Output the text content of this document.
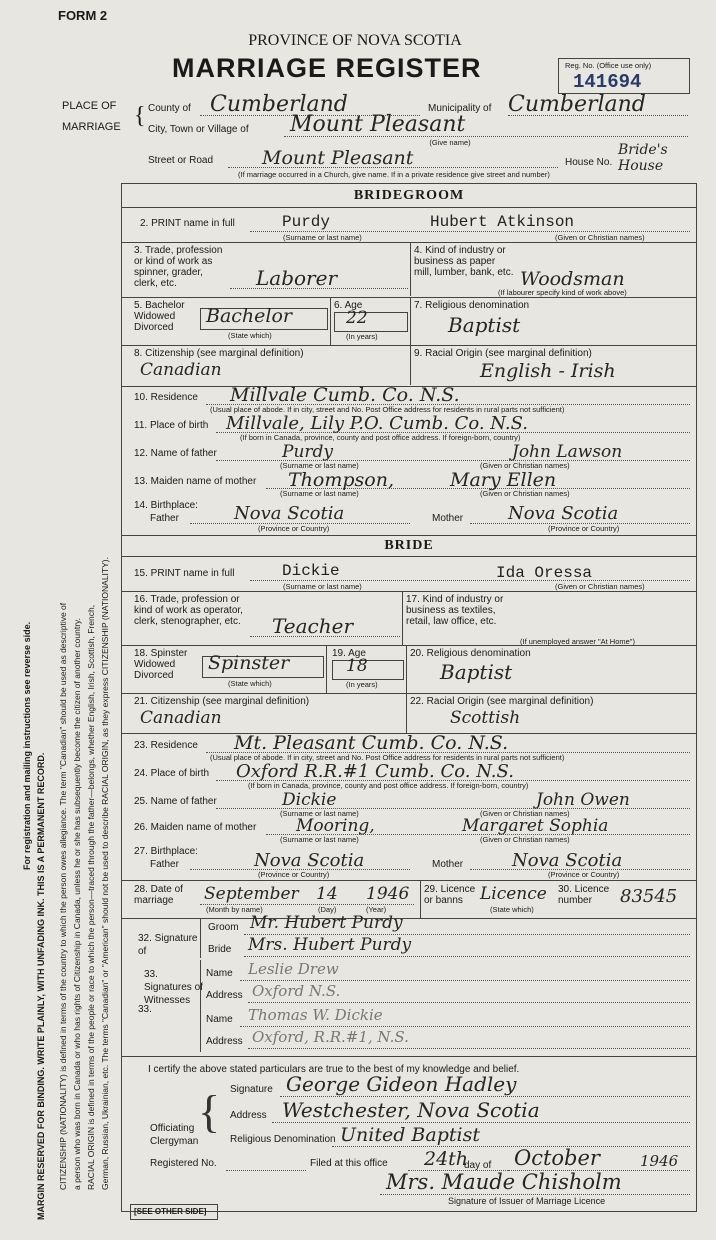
FORM 2
PROVINCE OF NOVA SCOTIA
MARRIAGE REGISTER	Reg. No. (Office use only)
141694
PLACE OF
MARRIAGE { County of Cumberland	Municipality of Cumberland
City, Town or Village of Mount Pleasant
(Give name)
Street or Road	Mount Pleasant	House No.
Bride's House
(If marriage occurred in a Church, give name. If in a private residence give street and number)
MARGIN RESERVED FOR BINDING. WRITE PLAINLY, WITH UNFADING INK. THIS IS A PERMANENT RECORD.
For registration and mailing instructions see reverse side.	CITIZENSHIP (NATIONALITY) is defined in terms of the country to which the person owes allegiance. The term "Canadian" should be used as descriptive of a person who was born in Canada or who has rights of Citizenship in Canada, unless he or she has subsequently become the citizen of another country. RACIAL ORIGIN is defined in terms of the people or race to which the person—traced through the father—belongs, whether English, Irish, Scottish, French, German, Russian, Ukrainian, etc. The terms "Canadian" or "American" should not be used to describe RACIAL ORIGIN, as they express CITIZENSHIP (NATIONALITY).
BRIDEGROOM
2. PRINT name in full	Purdy	Hubert Atkinson
(Surname or last name)	(Given or Christian names)
3. Trade, profession or kind of work as spinner, grader, clerk, etc.	Laborer
4. Kind of industry or business as paper mill, lumber, bank, etc. Woodsman
(If labourer specify kind of work above)
5. Bachelor Widowed Divorced
Bachelor
(State which)
6. Age
22
(In years)
7. Religious denomination
Baptist
8. Citizenship (see marginal definition)
Canadian
9. Racial Origin (see marginal definition)
English - Irish
10. Residence Millvale Cumb. Co. N.S.
(Usual place of abode. If in city, street and No. Post Office address for residents in rural parts not sufficient)
11. Place of birth Millvale, Lily P.O. Cumb. Co. N.S.
(If born in Canada, province, county and post office address. If foreign-born, country)
12. Name of father	Purdy	John Lawson
(Surname or last name)	(Given or Christian names)
13. Maiden name of mother Thompson,	Mary Ellen
(Surname or last name)	(Given or Christian names)
14. Birthplace:
Father	Nova Scotia
(Province or Country)
Mother Nova Scotia
(Province or Country)
BRIDE
15. PRINT name in full	Dickie	Ida Oressa
(Surname or last name)	(Given or Christian names)
16. Trade, profession or kind of work as operator, clerk, stenographer, etc. Teacher
17. Kind of industry or business as textiles, retail, law office, etc.
(If unemployed answer "At Home")
18. Spinster Widowed Divorced
Spinster
(State which)
19. Age
18
(In years)
20. Religious denomination
Baptist
21. Citizenship (see marginal definition)
Canadian
22. Racial Origin (see marginal definition)
Scottish
23. Residence Mt. Pleasant Cumb. Co. N.S.
(Usual place of abode. If in city, street and No. Post Office address for residents in rural parts not sufficient)
24. Place of birth Oxford R.R.#1 Cumb. Co. N.S.
(If born in Canada, province, county and post office address. If foreign-born, country)
25. Name of father	Dickie	John Owen
(Surname or last name)	(Given or Christian names)
26. Maiden name of mother Mooring,	Margaret Sophia
(Surname or last name)	(Given or Christian names)
27. Birthplace:
Father	Nova Scotia
(Province or Country)
Mother	Nova Scotia
(Province or Country)
28. Date of marriage	September 14 1946
(Month by name)	(Day)	(Year)
29. Licence or banns	Licence
(State which)
30. Licence number	83545
32. Signature of
Groom Mr. Hubert Purdy
Bride Mrs. Hubert Purdy
33.
33. Signatures of Witnesses
Name Leslie Drew
Address Oxford N.S.
Name Thomas W. Dickie
Address Oxford, R.R.#1, N.S.
I certify the above stated particulars are true to the best of my knowledge and belief.
Officiating Clergyman
{ Signature George Gideon Hadley
Address Westchester, Nova Scotia
Religious Denomination United Baptist
Registered No.	Filed at this office 24th
day of October	1946
Mrs. Maude Chisholm
Signature of Issuer of Marriage Licence
[SEE OTHER SIDE]
